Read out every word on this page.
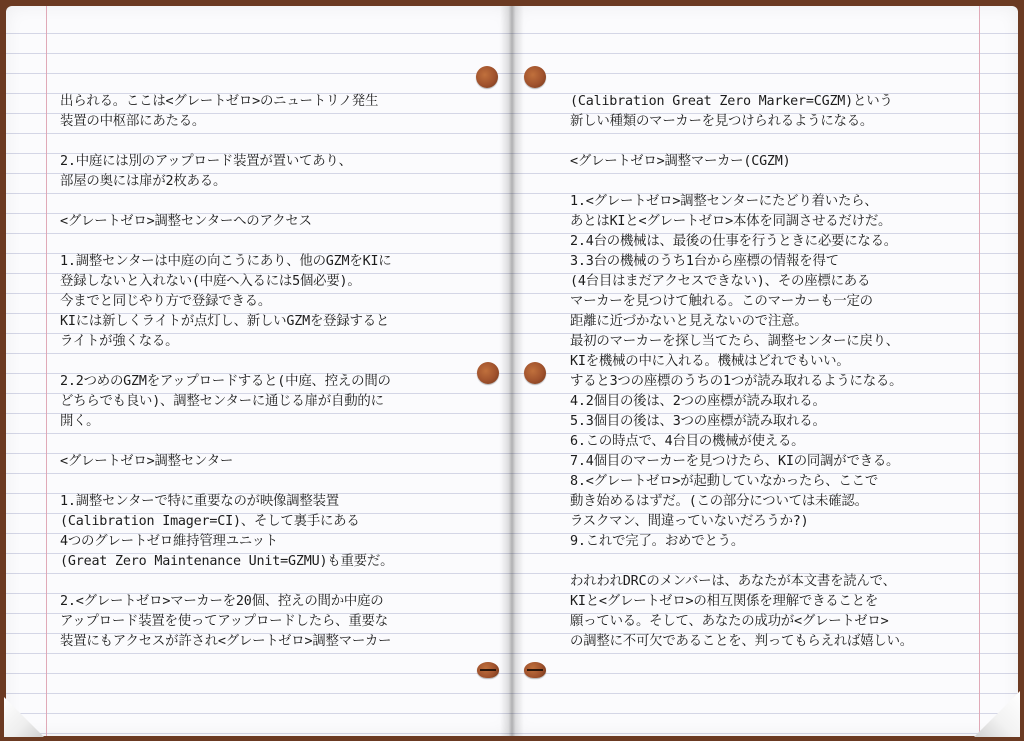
出られる。ここは<グレートゼロ>のニュートリノ発生
装置の中枢部にあたる。
2.中庭には別のアップロード装置が置いてあり、
部屋の奥には扉が2枚ある。
<グレートゼロ>調整センターへのアクセス
1.調整センターは中庭の向こうにあり、他のGZMをKIに
登録しないと入れない(中庭へ入るには5個必要)。
今までと同じやり方で登録できる。
KIには新しくライトが点灯し、新しいGZMを登録すると
ライトが強くなる。
2.2つめのGZMをアップロードすると(中庭、控えの間の
どちらでも良い)、調整センターに通じる扉が自動的に
開く。
<グレートゼロ>調整センター
1.調整センターで特に重要なのが映像調整装置
(Calibration Imager=CI)、そして裏手にある
4つのグレートゼロ維持管理ユニット
(Great Zero Maintenance Unit=GZMU)も重要だ。
2.<グレートゼロ>マーカーを20個、控えの間か中庭の
アップロード装置を使ってアップロードしたら、重要な
装置にもアクセスが許され<グレートゼロ>調整マーカー
(Calibration Great Zero Marker=CGZM)という
新しい種類のマーカーを見つけられるようになる。
<グレートゼロ>調整マーカー(CGZM)
1.<グレートゼロ>調整センターにたどり着いたら、
あとはKIと<グレートゼロ>本体を同調させるだけだ。
2.4台の機械は、最後の仕事を行うときに必要になる。
3.3台の機械のうち1台から座標の情報を得て
(4台目はまだアクセスできない)、その座標にある
マーカーを見つけて触れる。このマーカーも一定の
距離に近づかないと見えないので注意。
最初のマーカーを探し当てたら、調整センターに戻り、
KIを機械の中に入れる。機械はどれでもいい。
すると3つの座標のうちの1つが読み取れるようになる。
4.2個目の後は、2つの座標が読み取れる。
5.3個目の後は、3つの座標が読み取れる。
6.この時点で、4台目の機械が使える。
7.4個目のマーカーを見つけたら、KIの同調ができる。
8.<グレートゼロ>が起動していなかったら、ここで
動き始めるはずだ。(この部分については未確認。
ラスクマン、間違っていないだろうか?)
9.これで完了。おめでとう。
われわれDRCのメンバーは、あなたが本文書を読んで、
KIと<グレートゼロ>の相互関係を理解できることを
願っている。そして、あなたの成功が<グレートゼロ>
の調整に不可欠であることを、判ってもらえれば嬉しい。
